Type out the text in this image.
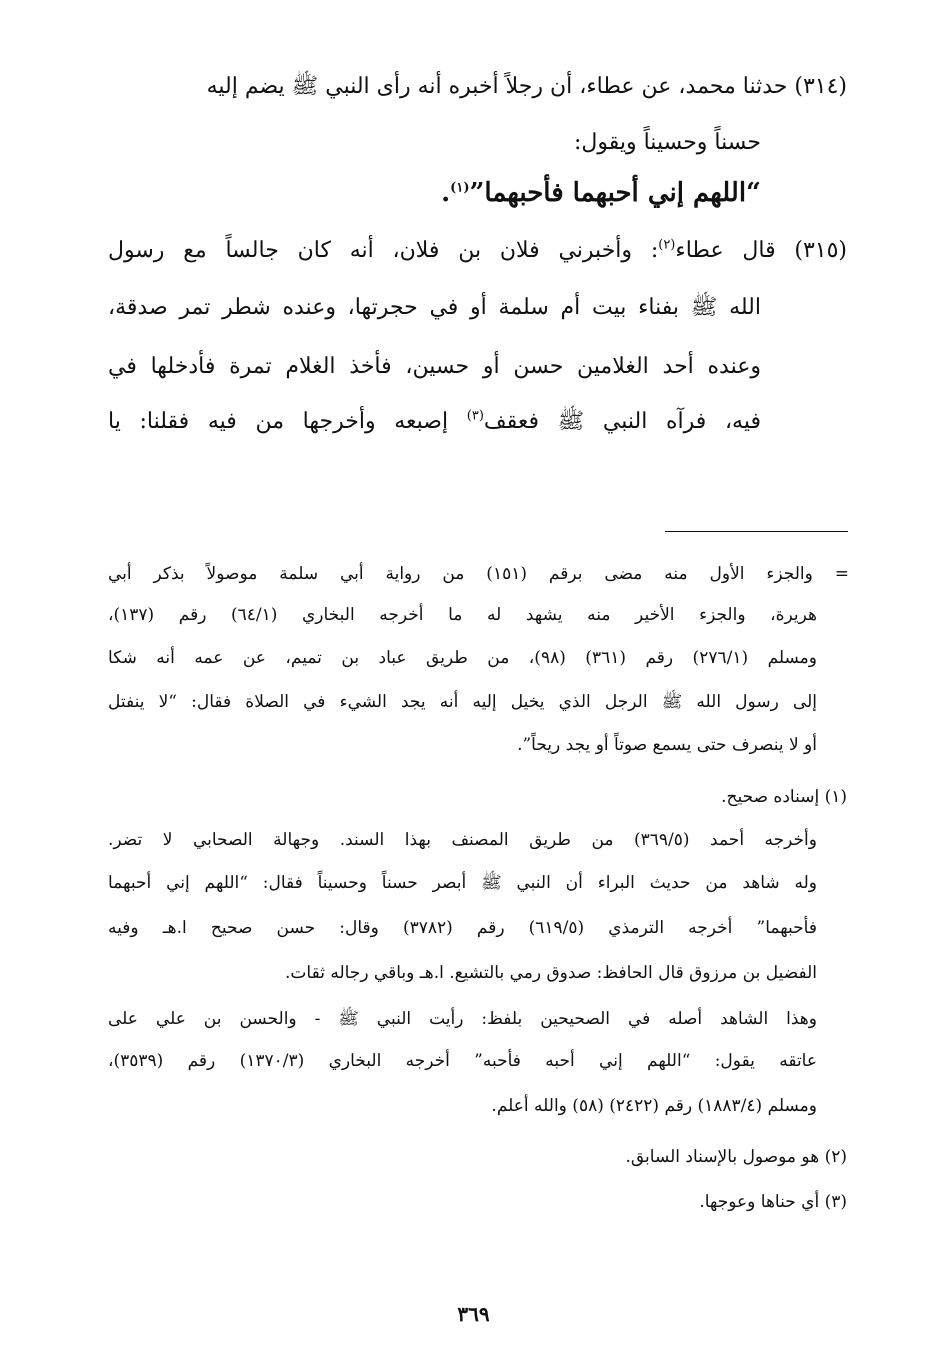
(٣١٤) حدثنا محمد، عن عطاء، أن رجلاً أخبره أنه رأى النبي ﷺ يضم إليه
حسناً وحسيناً ويقول:
“اللهم إني أحبهما فأحبهما”$^{(١)}$.
(٣١٥) قال عطاء$^{(٢)}$: وأخبرني فلان بن فلان، أنه كان جالساً مع رسول
الله ﷺ بفناء بيت أم سلمة أو في حجرتها، وعنده شطر تمر صدقة،
وعنده أحد الغلامين حسن أو حسين، فأخذ الغلام تمرة فأدخلها في
فيه، فرآه النبي ﷺ فعقف$^{(٣)}$ إصبعه وأخرجها من فيه فقلنا: يا
= والجزء الأول منه مضى برقم (١٥١) من رواية أبي سلمة موصولاً بذكر أبي
هريرة، والجزء الأخير منه يشهد له ما أخرجه البخاري (٦٤/١) رقم (١٣٧)،
ومسلم (٢٧٦/١) رقم (٣٦١) (٩٨)، من طريق عباد بن تميم، عن عمه أنه شكا
إلى رسول الله ﷺ الرجل الذي يخيل إليه أنه يجد الشيء في الصلاة فقال: “لا ينفتل
أو لا ينصرف حتى يسمع صوتاً أو يجد ريحاً”.
(١) إسناده صحيح.
وأخرجه أحمد (٣٦٩/٥) من طريق المصنف بهذا السند. وجهالة الصحابي لا تضر.
وله شاهد من حديث البراء أن النبي ﷺ أبصر حسناً وحسيناً فقال: “اللهم إني أحبهما
فأحبهما” أخرجه الترمذي (٦١٩/٥) رقم (٣٧٨٢) وقال: حسن صحيح ا.هـ وفيه
الفضيل بن مرزوق قال الحافظ: صدوق رمي بالتشيع. ا.هـ وباقي رجاله ثقات.
وهذا الشاهد أصله في الصحيحين بلفظ: رأيت النبي ﷺ - والحسن بن علي على
عاتقه يقول: “اللهم إني أحبه فأحبه” أخرجه البخاري (١٣٧٠/٣) رقم (٣٥٣٩)،
ومسلم (١٨٨٣/٤) رقم (٢٤٢٢) (٥٨) والله أعلم.
(٢) هو موصول بالإسناد السابق.
(٣) أي حناها وعوجها.
٣٦٩
